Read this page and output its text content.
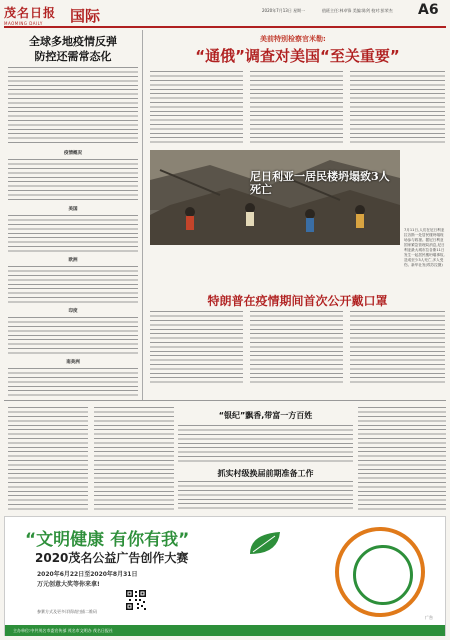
茂名日报
MAOMING DAILY	国际	2020年7月13日 星期一	值班主任:林卓锋 美编:陈剑 校对:彭荣杰 A6
全球多地疫情反弹
防控还需常态化
疫情概况
美国
欧洲
印度
南美洲
美前特别检察官米勒:
“通俄”调查对美国“至关重要”
尼日利亚一居民楼坍塌致3人死亡
7月11日,人们在尼日利亚拉各斯一处居民楼坍塌现场参与救援。据尼日利亚国家紧急管理局消息,尼日利亚最大城市拉各斯11日发生一起居民楼坍塌事故,造成至少3人死亡,多人受伤。新华社发(埃苏拉摄)
特朗普在疫情期间首次公开戴口罩
“银纪”飘香,带富一方百姓
抓实村级换届前期准备工作
“文明健康 有你有我”
2020茂名公益广告创作大赛
2020年6月22日至2020年8月31日
万元创意大奖等你来拿!
参赛方式及更多详情请扫描二维码
主办单位:中共茂名市委宣传部 茂名市文明办 茂名日报社
广告
